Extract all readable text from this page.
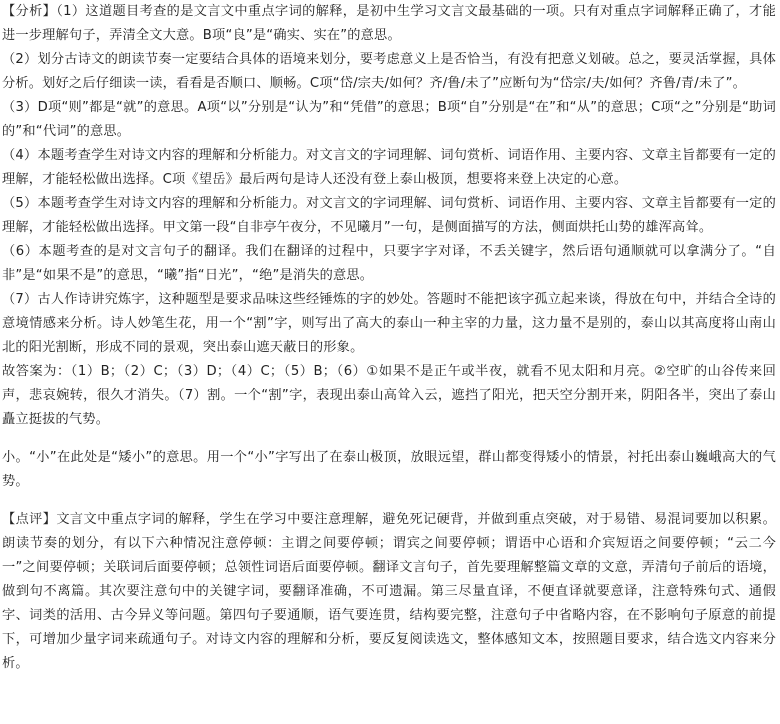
【分析】（1）这道题目考查的是文言文中重点字词的解释，是初中生学习文言文最基础的一项。只有对重点字词解释正确了，才能进一步理解句子，弄清全文大意。B项“良”是“确实、实在”的意思。

（2）划分古诗文的朗读节奏一定要结合具体的语境来划分，要考虑意义上是否恰当，有没有把意义划破。总之，要灵活掌握，具体分析。划好之后仔细读一读，看看是否顺口、顺畅。C项“岱/宗夫/如何？齐/鲁/未了”应断句为“岱宗/夫/如何？齐鲁/青/未了”。

（3）D项“则”都是“就”的意思。A项“以”分别是“认为”和“凭借”的意思；B项“自”分别是“在”和“从”的意思；C项“之”分别是“助词的”和“代词”的意思。

（4）本题考查学生对诗文内容的理解和分析能力。对文言文的字词理解、词句赏析、词语作用、主要内容、文章主旨都要有一定的理解，才能轻松做出选择。C项《望岳》最后两句是诗人还没有登上泰山极顶，想要将来登上决定的心意。

（5）本题考查学生对诗文内容的理解和分析能力。对文言文的字词理解、词句赏析、词语作用、主要内容、文章主旨都要有一定的理解，才能轻松做出选择。甲文第一段“自非亭午夜分，不见曦月”一句，是侧面描写的方法，侧面烘托山势的雄浑高耸。

（6）本题考查的是对文言句子的翻译。我们在翻译的过程中，只要字字对译，不丢关键字，然后语句通顺就可以拿满分了。“自非”是“如果不是”的意思，“曦”指“日光”，“绝”是消失的意思。

（7）古人作诗讲究炼字，这种题型是要求品味这些经锤炼的字的妙处。答题时不能把该字孤立起来谈，得放在句中，并结合全诗的意境情感来分析。诗人妙笔生花，用一个“割”字，则写出了高大的泰山一种主宰的力量，这力量不是别的，泰山以其高度将山南山北的阳光割断，形成不同的景观，突出泰山遮天蔽日的形象。

故答案为：（1）B；（2）C；（3）D；（4）C；（5）B；（6）①如果不是正午或半夜，就看不见太阳和月亮。②空旷的山谷传来回声，悲哀婉转，很久才消失。（7）割。一个“割”字，表现出泰山高耸入云，遮挡了阳光，把天空分割开来，阴阳各半，突出了泰山矗立挺拔的气势。

小。“小”在此处是“矮小”的意思。用一个“小”字写出了在泰山极顶，放眼远望，群山都变得矮小的情景，衬托出泰山巍峨高大的气势。

【点评】文言文中重点字词的解释，学生在学习中要注意理解，避免死记硬背，并做到重点突破，对于易错、易混词要加以积累。朗读节奏的划分，有以下六种情况注意停顿：主谓之间要停顿；谓宾之间要停顿；谓语中心语和介宾短语之间要停顿；“云二今一”之间要停顿；关联词后面要停顿；总领性词语后面要停顿。翻译文言句子，首先要理解整篇文章的文意，弄清句子前后的语境，做到句不离篇。其次要注意句中的关键字词，要翻译准确，不可遗漏。第三尽量直译，不便直译就要意译，注意特殊句式、通假字、词类的活用、古今异义等问题。第四句子要通顺，语气要连贯，结构要完整，注意句子中省略内容，在不影响句子原意的前提下，可增加少量字词来疏通句子。对诗文内容的理解和分析，要反复阅读选文，整体感知文本，按照题目要求，结合选文内容来分析。
